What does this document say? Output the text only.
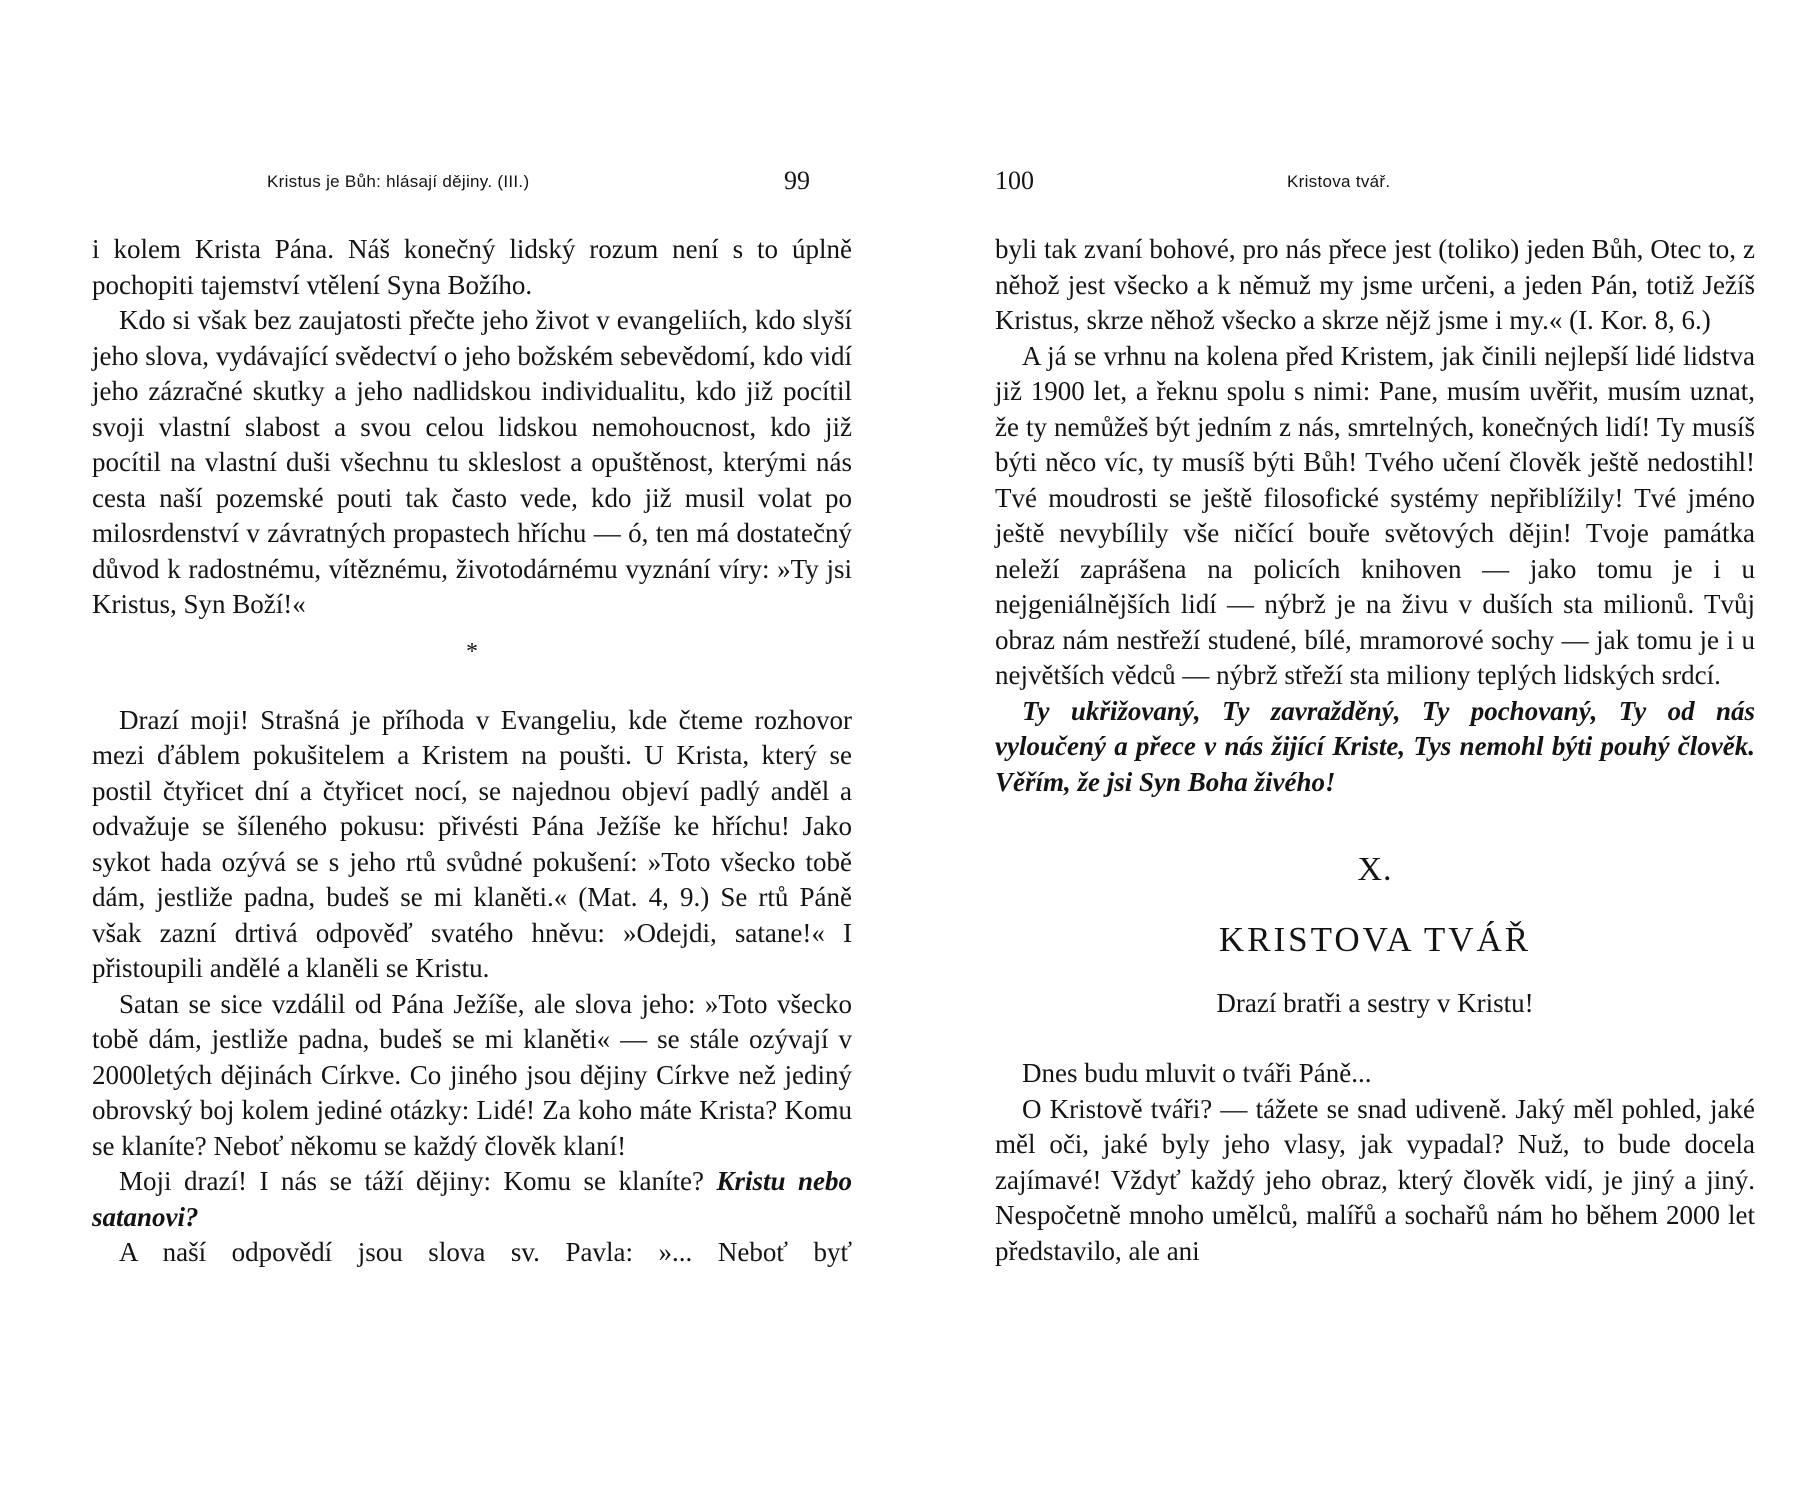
Kristus je Bůh: hlásají dějiny. (III.)	99

i kolem Krista Pána. Náš konečný lidský rozum není s to úplně pochopiti tajemství vtělení Syna Božího.

Kdo si však bez zaujatosti přečte jeho život v evangeliích, kdo slyší jeho slova, vydávající svědectví o jeho božském sebevědomí, kdo vidí jeho zázračné skutky a jeho nadlidskou individualitu, kdo již pocítil svoji vlastní slabost a svou celou lidskou nemohoucnost, kdo již pocítil na vlastní duši všechnu tu skleslost a opuštěnost, kterými nás cesta naší pozemské pouti tak často vede, kdo již musil volat po milosrdenství v závratných propastech hříchu — ó, ten má dostatečný důvod k radostnému, vítěznému, životodárnému vyznání víry: »Ty jsi Kristus, Syn Boží!«

*

Drazí moji! Strašná je příhoda v Evangeliu, kde čteme rozhovor mezi ďáblem pokušitelem a Kristem na poušti. U Krista, který se postil čtyřicet dní a čtyřicet nocí, se najednou objeví padlý anděl a odvažuje se šíleného pokusu: přivésti Pána Ježíše ke hříchu! Jako sykot hada ozývá se s jeho rtů svůdné pokušení: »Toto všecko tobě dám, jestliže padna, budeš se mi klaněti.« (Mat. 4, 9.) Se rtů Páně však zazní drtivá odpověď svatého hněvu: »Odejdi, satane!« I přistoupili andělé a klaněli se Kristu.

Satan se sice vzdálil od Pána Ježíše, ale slova jeho: »Toto všecko tobě dám, jestliže padna, budeš se mi klaněti« — se stále ozývají v 2000letých dějinách Církve. Co jiného jsou dějiny Církve než jediný obrovský boj kolem jediné otázky: Lidé! Za koho máte Krista? Komu se klaníte? Neboť někomu se každý člověk klaní!

Moji drazí! I nás se táží dějiny: Komu se klaníte? Kristu nebo satanovi?

A naší odpovědí jsou slova sv. Pavla: »... Neboť byť

100	Kristova tvář.

byli tak zvaní bohové, pro nás přece jest (toliko) jeden Bůh, Otec to, z něhož jest všecko a k němuž my jsme určeni, a jeden Pán, totiž Ježíš Kristus, skrze něhož všecko a skrze nějž jsme i my.« (I. Kor. 8, 6.)

A já se vrhnu na kolena před Kristem, jak činili nejlepší lidé lidstva již 1900 let, a řeknu spolu s nimi: Pane, musím uvěřit, musím uznat, že ty nemůžeš být jedním z nás, smrtelných, konečných lidí! Ty musíš býti něco víc, ty musíš býti Bůh! Tvého učení člověk ještě nedostihl! Tvé moudrosti se ještě filosofické systémy nepřiblížily! Tvé jméno ještě nevybílily vše ničící bouře světových dějin! Tvoje památka neleží zaprášena na policích knihoven — jako tomu je i u nejgeniálnějších lidí — nýbrž je na živu v duších sta milionů. Tvůj obraz nám nestřeží studené, bílé, mramorové sochy — jak tomu je i u největších vědců — nýbrž střeží sta miliony teplých lidských srdcí.

Ty ukřižovaný, Ty zavražděný, Ty pochovaný, Ty od nás vyloučený a přece v nás žijící Kriste, Tys nemohl býti pouhý člověk. Věřím, že jsi Syn Boha živého!

X.
KRISTOVA TVÁŘ
Drazí bratři a sestry v Kristu!

Dnes budu mluvit o tváři Páně...

O Kristově tváři? — tážete se snad udiveně. Jaký měl pohled, jaké měl oči, jaké byly jeho vlasy, jak vypadal? Nuž, to bude docela zajímavé! Vždyť každý jeho obraz, který člověk vidí, je jiný a jiný. Nespočetně mnoho umělců, malířů a sochařů nám ho během 2000 let představilo, ale ani
